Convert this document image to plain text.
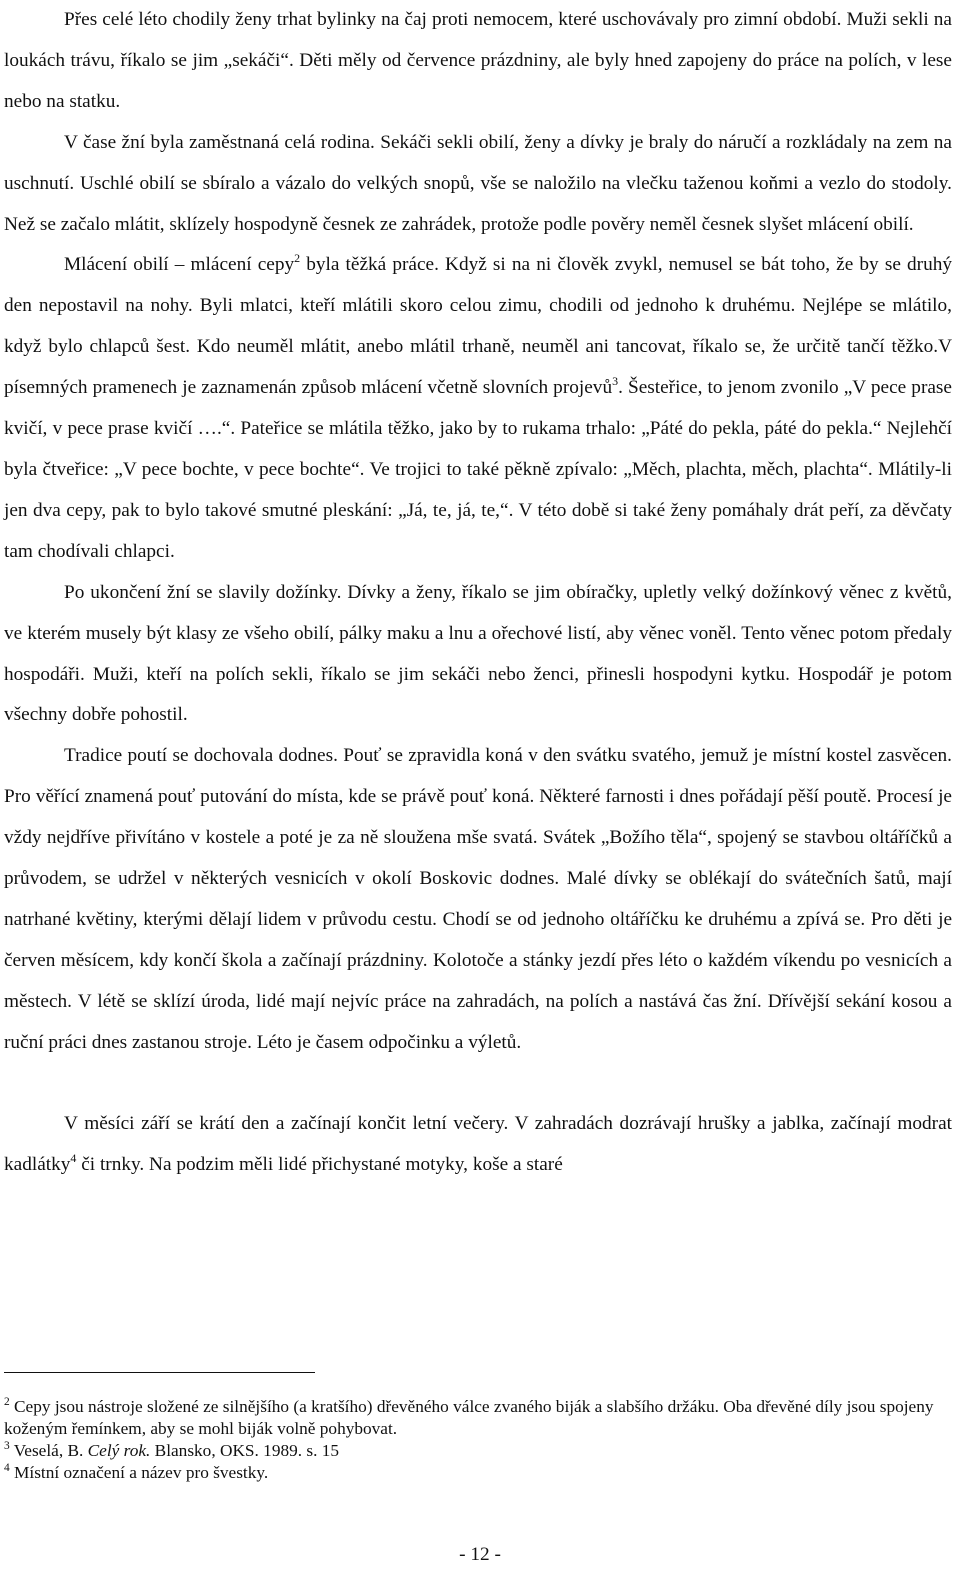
Přes celé léto chodily ženy trhat bylinky na čaj proti nemocem, které uschovávaly pro zimní období. Muži sekli na loukách trávu, říkalo se jim „sekáči“. Děti měly od července prázdniny, ale byly hned zapojeny do práce na polích, v lese nebo na statku.

V čase žní byla zaměstnaná celá rodina. Sekáči sekli obilí, ženy a dívky je braly do náručí a rozkládaly na zem na uschnutí. Uschlé obilí se sbíralo a vázalo do velkých snopů, vše se naložilo na vlečku taženou koňmi a vezlo do stodoly. Než se začalo mlátit, sklízely hospodyně česnek ze zahrádek, protože podle pověry neměl česnek slyšet mlácení obilí.

Mlácení obilí – mlácení cepy$^2$ byla těžká práce. Když si na ni člověk zvykl, nemusel se bát toho, že by se druhý den nepostavil na nohy. Byli mlatci, kteří mlátili skoro celou zimu, chodili od jednoho k druhému. Nejlépe se mlátilo, když bylo chlapců šest. Kdo neuměl mlátit, anebo mlátil trhaně, neuměl ani tancovat, říkalo se, že určitě tančí těžko.V písemných pramenech je zaznamenán způsob mlácení včetně slovních projevů$^3$. Šesteřice, to jenom zvonilo „V pece prase kvičí, v pece prase kvičí ….“. Pateřice se mlátila těžko, jako by to rukama trhalo: „Páté do pekla, páté do pekla.“ Nejlehčí byla čtveřice: „V pece bochte, v pece bochte“. Ve trojici to také pěkně zpívalo: „Měch, plachta, měch, plachta“. Mlátily-li jen dva cepy, pak to bylo takové smutné pleskání: „Já, te, já, te,“. V této době si také ženy pomáhaly drát peří, za děvčaty tam chodívali chlapci.

Po ukončení žní se slavily dožínky. Dívky a ženy, říkalo se jim obíračky, upletly velký dožínkový věnec z květů, ve kterém musely být klasy ze všeho obilí, pálky maku a lnu a ořechové listí, aby věnec voněl. Tento věnec potom předaly hospodáři. Muži, kteří na polích sekli, říkalo se jim sekáči nebo ženci, přinesli hospodyni kytku. Hospodář je potom všechny dobře pohostil.

Tradice poutí se dochovala dodnes. Pouť se zpravidla koná v den svátku svatého, jemuž je místní kostel zasvěcen. Pro věřící znamená pouť putování do místa, kde se právě pouť koná. Některé farnosti i dnes pořádají pěší poutě. Procesí je vždy nejdříve přivítáno v kostele a poté je za ně sloužena mše svatá. Svátek „Božího těla“, spojený se stavbou oltáříčků a průvodem, se udržel v některých vesnicích v okolí Boskovic dodnes. Malé dívky se oblékají do svátečních šatů, mají natrhané květiny, kterými dělají lidem v průvodu cestu. Chodí se od jednoho oltáříčku ke druhému a zpívá se. Pro děti je červen měsícem, kdy končí škola a začínají prázdniny. Kolotoče a stánky jezdí přes léto o každém víkendu po vesnicích a městech. V létě se sklízí úroda, lidé mají nejvíc práce na zahradách, na polích a nastává čas žní. Dřívější sekání kosou a ruční práci dnes zastanou stroje. Léto je časem odpočinku a výletů.

V měsíci září se krátí den a začínají končit letní večery. V zahradách dozrávají hrušky a jablka, začínají modrat kadlátky$^4$ či trnky. Na podzim měli lidé přichystané motyky, koše a staré

$^2$ Cepy jsou nástroje složené ze silnějšího (a kratšího) dřevěného válce zvaného biják a slabšího držáku. Oba dřevěné díly jsou spojeny koženým řemínkem, aby se mohl biják volně pohybovat.

$^3$ Veselá, B. Celý rok. Blansko, OKS. 1989. s. 15

$^4$ Místní označení a název pro švestky.

- 12 -
